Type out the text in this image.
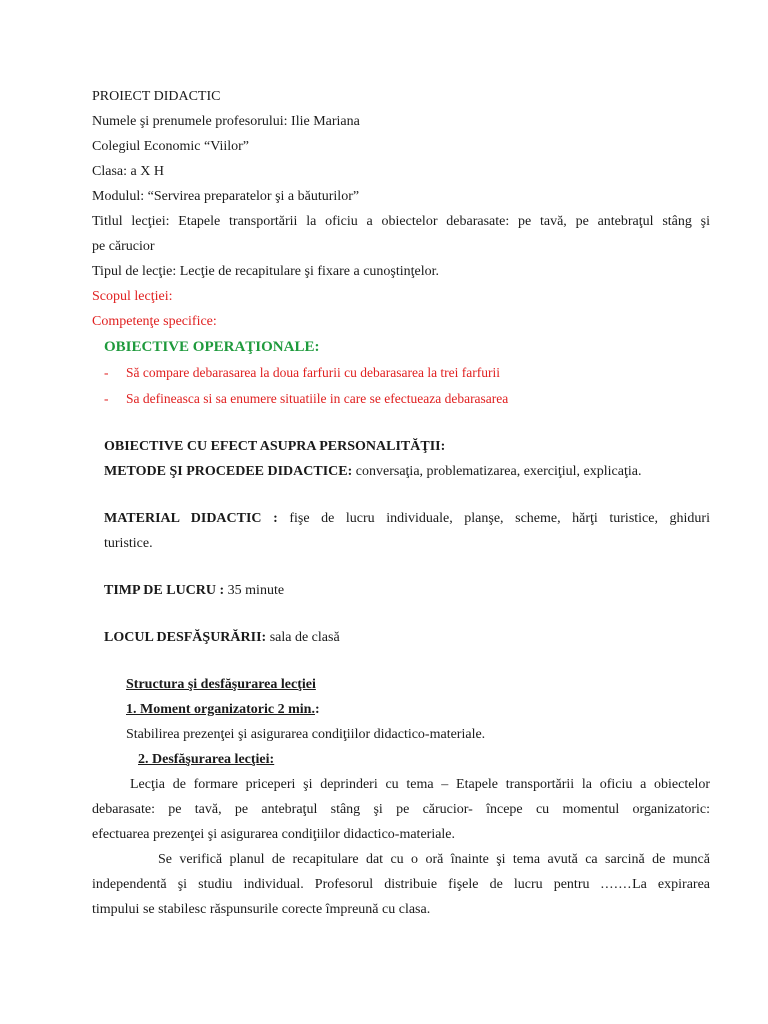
PROIECT DIDACTIC
Numele şi prenumele profesorului: Ilie Mariana
Colegiul Economic “Viilor”
Clasa: a X H
Modulul: “Servirea preparatelor şi a băuturilor”
Titlul lecţiei: Etapele transportării la oficiu a obiectelor debarasate: pe tavă, pe antebraţul stâng şi
pe cărucior
Tipul de lecţie: Lecţie de recapitulare şi fixare a cunoştinţelor.
Scopul lecţiei:
Competenţe specifice:
OBIECTIVE OPERAŢIONALE:
-	Să compare debarasarea la doua farfurii cu debarasarea la trei farfurii
-	Sa defineasca si sa enumere situatiile in care se efectueaza debarasarea
OBIECTIVE CU EFECT ASUPRA PERSONALITĂŢII:
METODE ŞI PROCEDEE DIDACTICE: conversaţia, problematizarea, exerciţiul, explicaţia.
MATERIAL DIDACTIC : fişe de lucru individuale, planşe, scheme, hărţi turistice, ghiduri
turistice.
TIMP DE LUCRU : 35 minute
LOCUL DESFĂŞURĂRII: sala de clasă
Structura şi desfăşurarea lecţiei
1. Moment organizatoric 2 min.:
Stabilirea prezenţei şi asigurarea condiţiilor didactico-materiale.
2. Desfăşurarea lecţiei:
Lecţia de formare priceperi şi deprinderi cu tema – Etapele transportării la oficiu a obiectelor
debarasate: pe tavă, pe antebraţul stâng şi pe cărucior- începe cu momentul organizatoric:
efectuarea prezenţei şi asigurarea condiţiilor didactico-materiale.
Se verifică planul de recapitulare dat cu o oră înainte şi tema avută ca sarcină de muncă
independentă şi studiu individual. Profesorul distribuie fişele de lucru pentru .......La expirarea
timpului se stabilesc răspunsurile corecte împreună cu clasa.
